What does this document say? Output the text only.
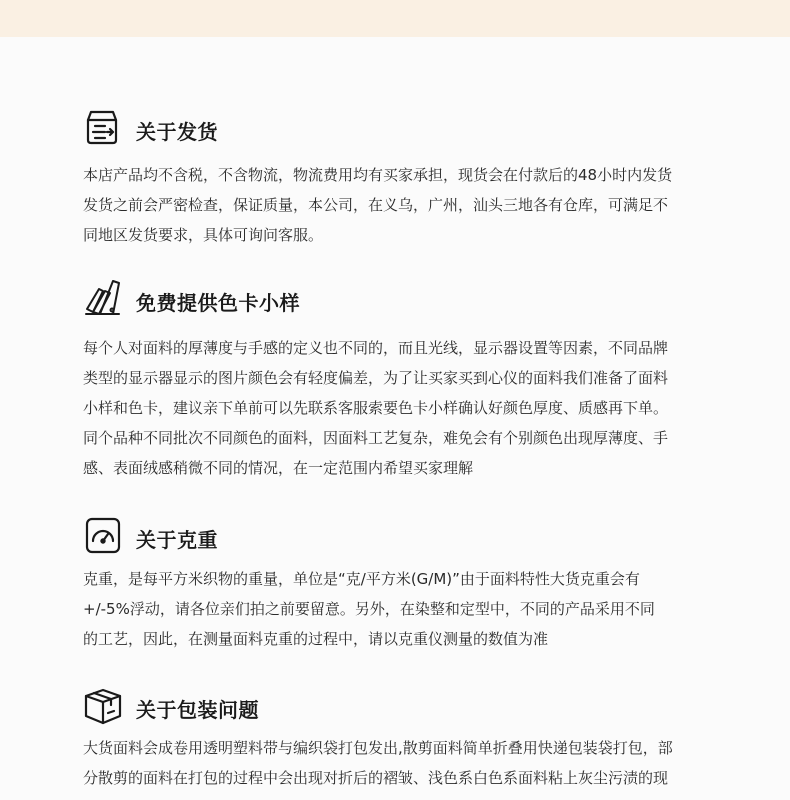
关于发货
本店产品均不含税，不含物流，物流费用均有买家承担，现货会在付款后的48小时内发货
发货之前会严密检查，保证质量，本公司，在义乌，广州，汕头三地各有仓库，可满足不
同地区发货要求，具体可询问客服。
免费提供色卡小样
每个人对面料的厚薄度与手感的定义也不同的，而且光线，显示器设置等因素，不同品牌
类型的显示器显示的图片颜色会有轻度偏差，为了让买家买到心仪的面料我们准备了面料
小样和色卡，建议亲下单前可以先联系客服索要色卡小样确认好颜色厚度、质感再下单。
同个品种不同批次不同颜色的面料，因面料工艺复杂，难免会有个别颜色出现厚薄度、手
感、表面绒感稍微不同的情况，在一定范围内希望买家理解
关于克重
克重，是每平方米织物的重量，单位是“克/平方米(G/M)”由于面料特性大货克重会有
+/-5%浮动，请各位亲们拍之前要留意。另外，在染整和定型中，不同的产品采用不同
的工艺，因此，在测量面料克重的过程中，请以克重仪测量的数值为准
关于包装问题
大货面料会成卷用透明塑料带与编织袋打包发出,散剪面料简单折叠用快递包装袋打包，部
分散剪的面料在打包的过程中会出现对折后的褶皱、浅色系白色系面料粘上灰尘污渍的现
